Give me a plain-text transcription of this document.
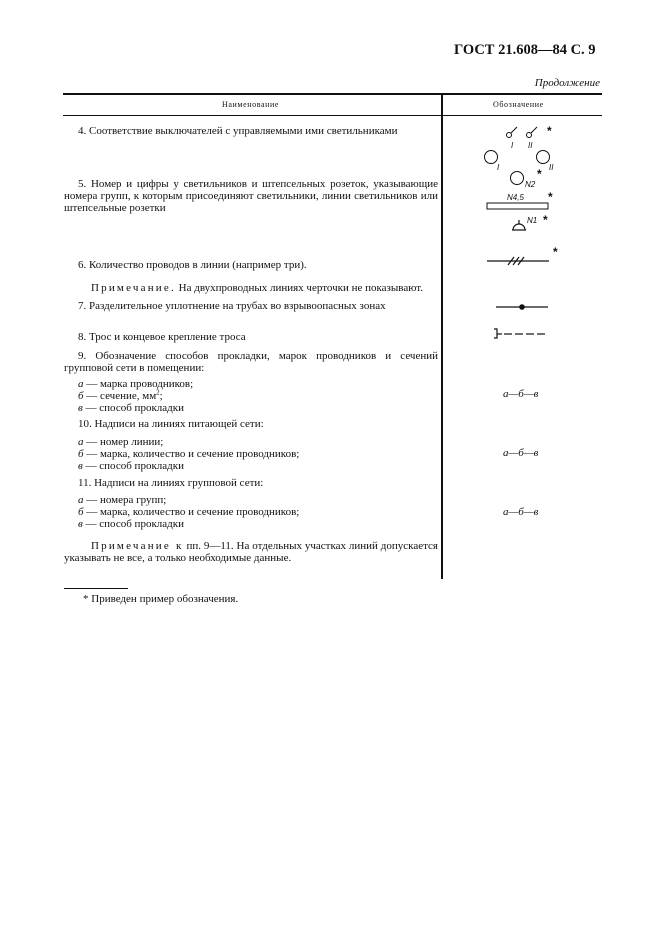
ГОСТ 21.608—84 С. 9
Продолжение
Наименование	Обозначение
4. Соответствие выключателей с управляемыми ими светильниками
5. Номер и цифры у светильников и штепсельных розеток, указывающие номера групп, к которым присоединяют светильники, линии светильников или штепсельные розетки
6. Количество проводов в линии (например три).
Примечание. На двухпроводных линиях черточки не показывают.
7. Разделительное уплотнение на трубах во взрывоопасных зонах
8. Трос и концевое крепление троса
9. Обозначение способов прокладки, марок проводников и сечений групповой сети в помещении:
а — марка проводников;
б — сечение, $мм^2$;
в — способ прокладки
10. Надписи на линиях питающей сети:
а — номер линии;
б — марка, количество и сечение проводников;
в — способ прокладки
11. Надписи на линиях групповой сети:
а — номера групп;
б — марка, количество и сечение проводников;
в — способ прокладки
Примечание к пп. 9—11. На отдельных участках линий допускается указывать не все, а только необходимые данные.
а—б—в
а—б—в
а—б—в
I II
I	II
*
N2
*
N4,5 *
N1 *
*
* Приведен пример обозначения.
